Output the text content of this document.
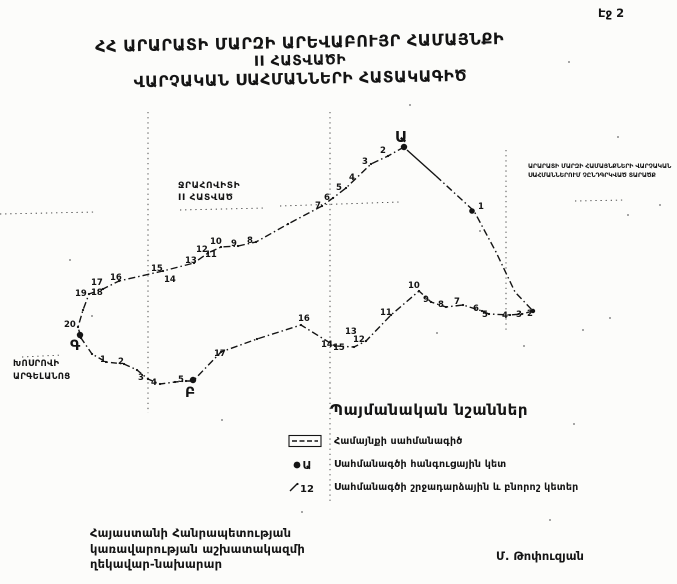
Էջ 2
ՀՀ ԱՐԱՐԱՏԻ ՄԱՐԶԻ ԱՐԵՎԱԲՈՒՅՐ ՀԱՄԱՅՆՔԻ
II ՀԱՏՎԱԾԻ
ՎԱՐՉԱԿԱՆ ՍԱՀՄԱՆՆԵՐԻ ՀԱՏԱԿԱԳԻԾ
2
3
4
5
6
7
8
9
10
11
12
13
14
15
16
17
18
19
20
1
2
3
4
5
6
7
8
9
10
11
12
13
14 15
16
17
1 2
3 4 5
Ա
Բ
Գ
ՋՐԱՀՈՎԻՏԻ II ՀԱՏՎԱԾ
ԽՈՍՐՈՎԻ ԱՐԳԵԼԱՆՈՑ
ԱՐԱՐԱՏԻ ՄԱՐԶԻ ՀԱՄԱՅՆՔՆԵՐԻ ՎԱՐՉԱԿԱՆ ՍԱՀՄԱՆՆԵՐՈՒՄ ՉԸՆԴԳՐԿՎԱԾ ՏԱՐԱԾՔ
Պայմանական նշաններ
Համայնքի սահմանագիծ
Ա Սահմանագծի հանգուցային կետ
12 Սահմանագծի շրջադարձային և բնորոշ կետեր
Հայաստանի Հանրապետության
կառավարության աշխատակազմի
ղեկավար-նախարար
Մ. Թոփուզյան
